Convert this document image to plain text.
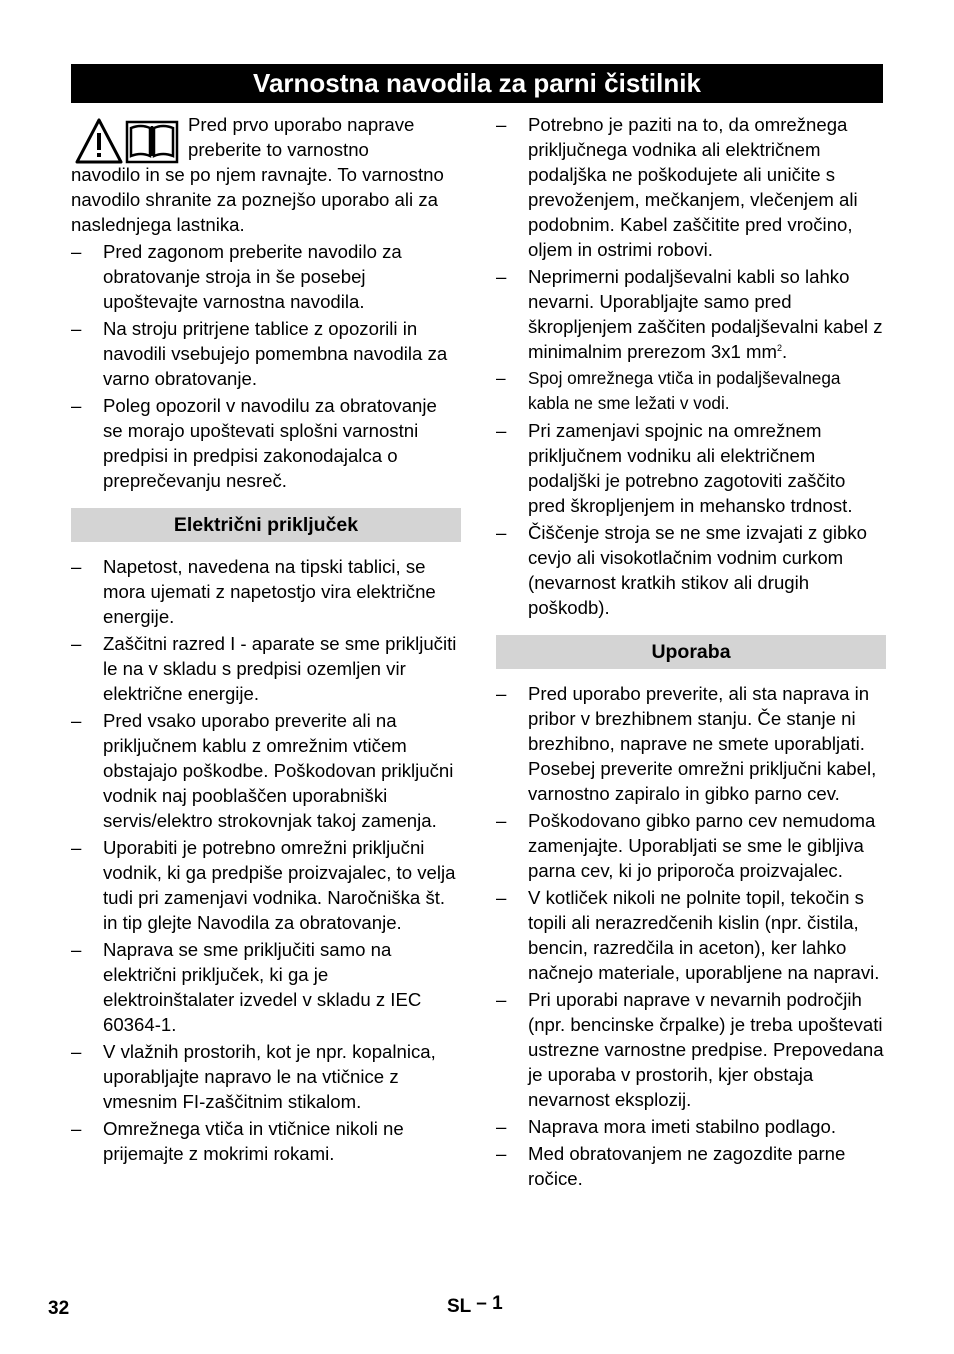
Varnostna navodila za parni čistilnik
Pred prvo uporabo naprave preberite to varnostno
navodilo in se po njem ravnajte. To varnostno navodilo shranite za poznejšo uporabo ali za naslednjega lastnika.
–	Pred zagonom preberite navodilo za obratovanje stroja in še posebej upoštevajte varnostna navodila.
–	Na stroju pritrjene tablice z opozorili in navodili vsebujejo pomembna navodila za varno obratovanje.
–	Poleg opozoril v navodilu za obratovanje se morajo upoštevati splošni varnostni predpisi in predpisi zakonodajalca o preprečevanju nesreč.
Električni priključek
–	Napetost, navedena na tipski tablici, se mora ujemati z napetostjo vira električne energije.
–	Zaščitni razred I - aparate se sme priključiti le na v skladu s predpisi ozemljen vir električne energije.
–	Pred vsako uporabo preverite ali na priključnem kablu z omrežnim vtičem obstajajo poškodbe. Poškodovan priključni vodnik naj pooblaščen uporabniški servis/elektro strokovnjak takoj zamenja.
–	Uporabiti je potrebno omrežni priključni vodnik, ki ga predpiše proizvajalec, to velja tudi pri zamenjavi vodnika. Naročniška št. in tip glejte Navodila za obratovanje.
–	Naprava se sme priključiti samo na električni priključek, ki ga je elektroinštalater izvedel v skladu z IEC 60364-1.
–	V vlažnih prostorih, kot je npr. kopalnica, uporabljajte napravo le na vtičnice z vmesnim FI-zaščitnim stikalom.
–	Omrežnega vtiča in vtičnice nikoli ne prijemajte z mokrimi rokami.
–	Potrebno je paziti na to, da omrežnega priključnega vodnika ali električnem podaljška ne poškodujete ali uničite s prevoženjem, mečkanjem, vlečenjem ali podobnim. Kabel zaščitite pred vročino, oljem in ostrimi robovi.
–	Neprimerni podaljševalni kabli so lahko nevarni. Uporabljajte samo pred škropljenjem zaščiten podaljševalni kabel z minimalnim prerezom 3x1 $mm^2$.
–	Spoj omrežnega vtiča in podaljševalnega kabla ne sme ležati v vodi.
–	Pri zamenjavi spojnic na omrežnem priključnem vodniku ali električnem podaljški je potrebno zagotoviti zaščito pred škropljenjem in mehansko trdnost.
–	Čiščenje stroja se ne sme izvajati z gibko cevjo ali visokotlačnim vodnim curkom (nevarnost kratkih stikov ali drugih poškodb).
Uporaba
–	Pred uporabo preverite, ali sta naprava in pribor v brezhibnem stanju. Če stanje ni brezhibno, naprave ne smete uporabljati. Posebej preverite omrežni priključni kabel, varnostno zapiralo in gibko parno cev.
–	Poškodovano gibko parno cev nemudoma zamenjajte. Uporabljati se sme le gibljiva parna cev, ki jo priporoča proizvajalec.
–	V kotliček nikoli ne polnite topil, tekočin s topili ali nerazredčenih kislin (npr. čistila, bencin, razredčila in aceton), ker lahko načnejo materiale, uporabljene na napravi.
–	Pri uporabi naprave v nevarnih področjih (npr. bencinske črpalke) je treba upoštevati ustrezne varnostne predpise. Prepovedana je uporaba v prostorih, kjer obstaja nevarnost eksplozij.
–	Naprava mora imeti stabilno podlago.
–	Med obratovanjem ne zagozdite parne ročice.
32	SL – 1
